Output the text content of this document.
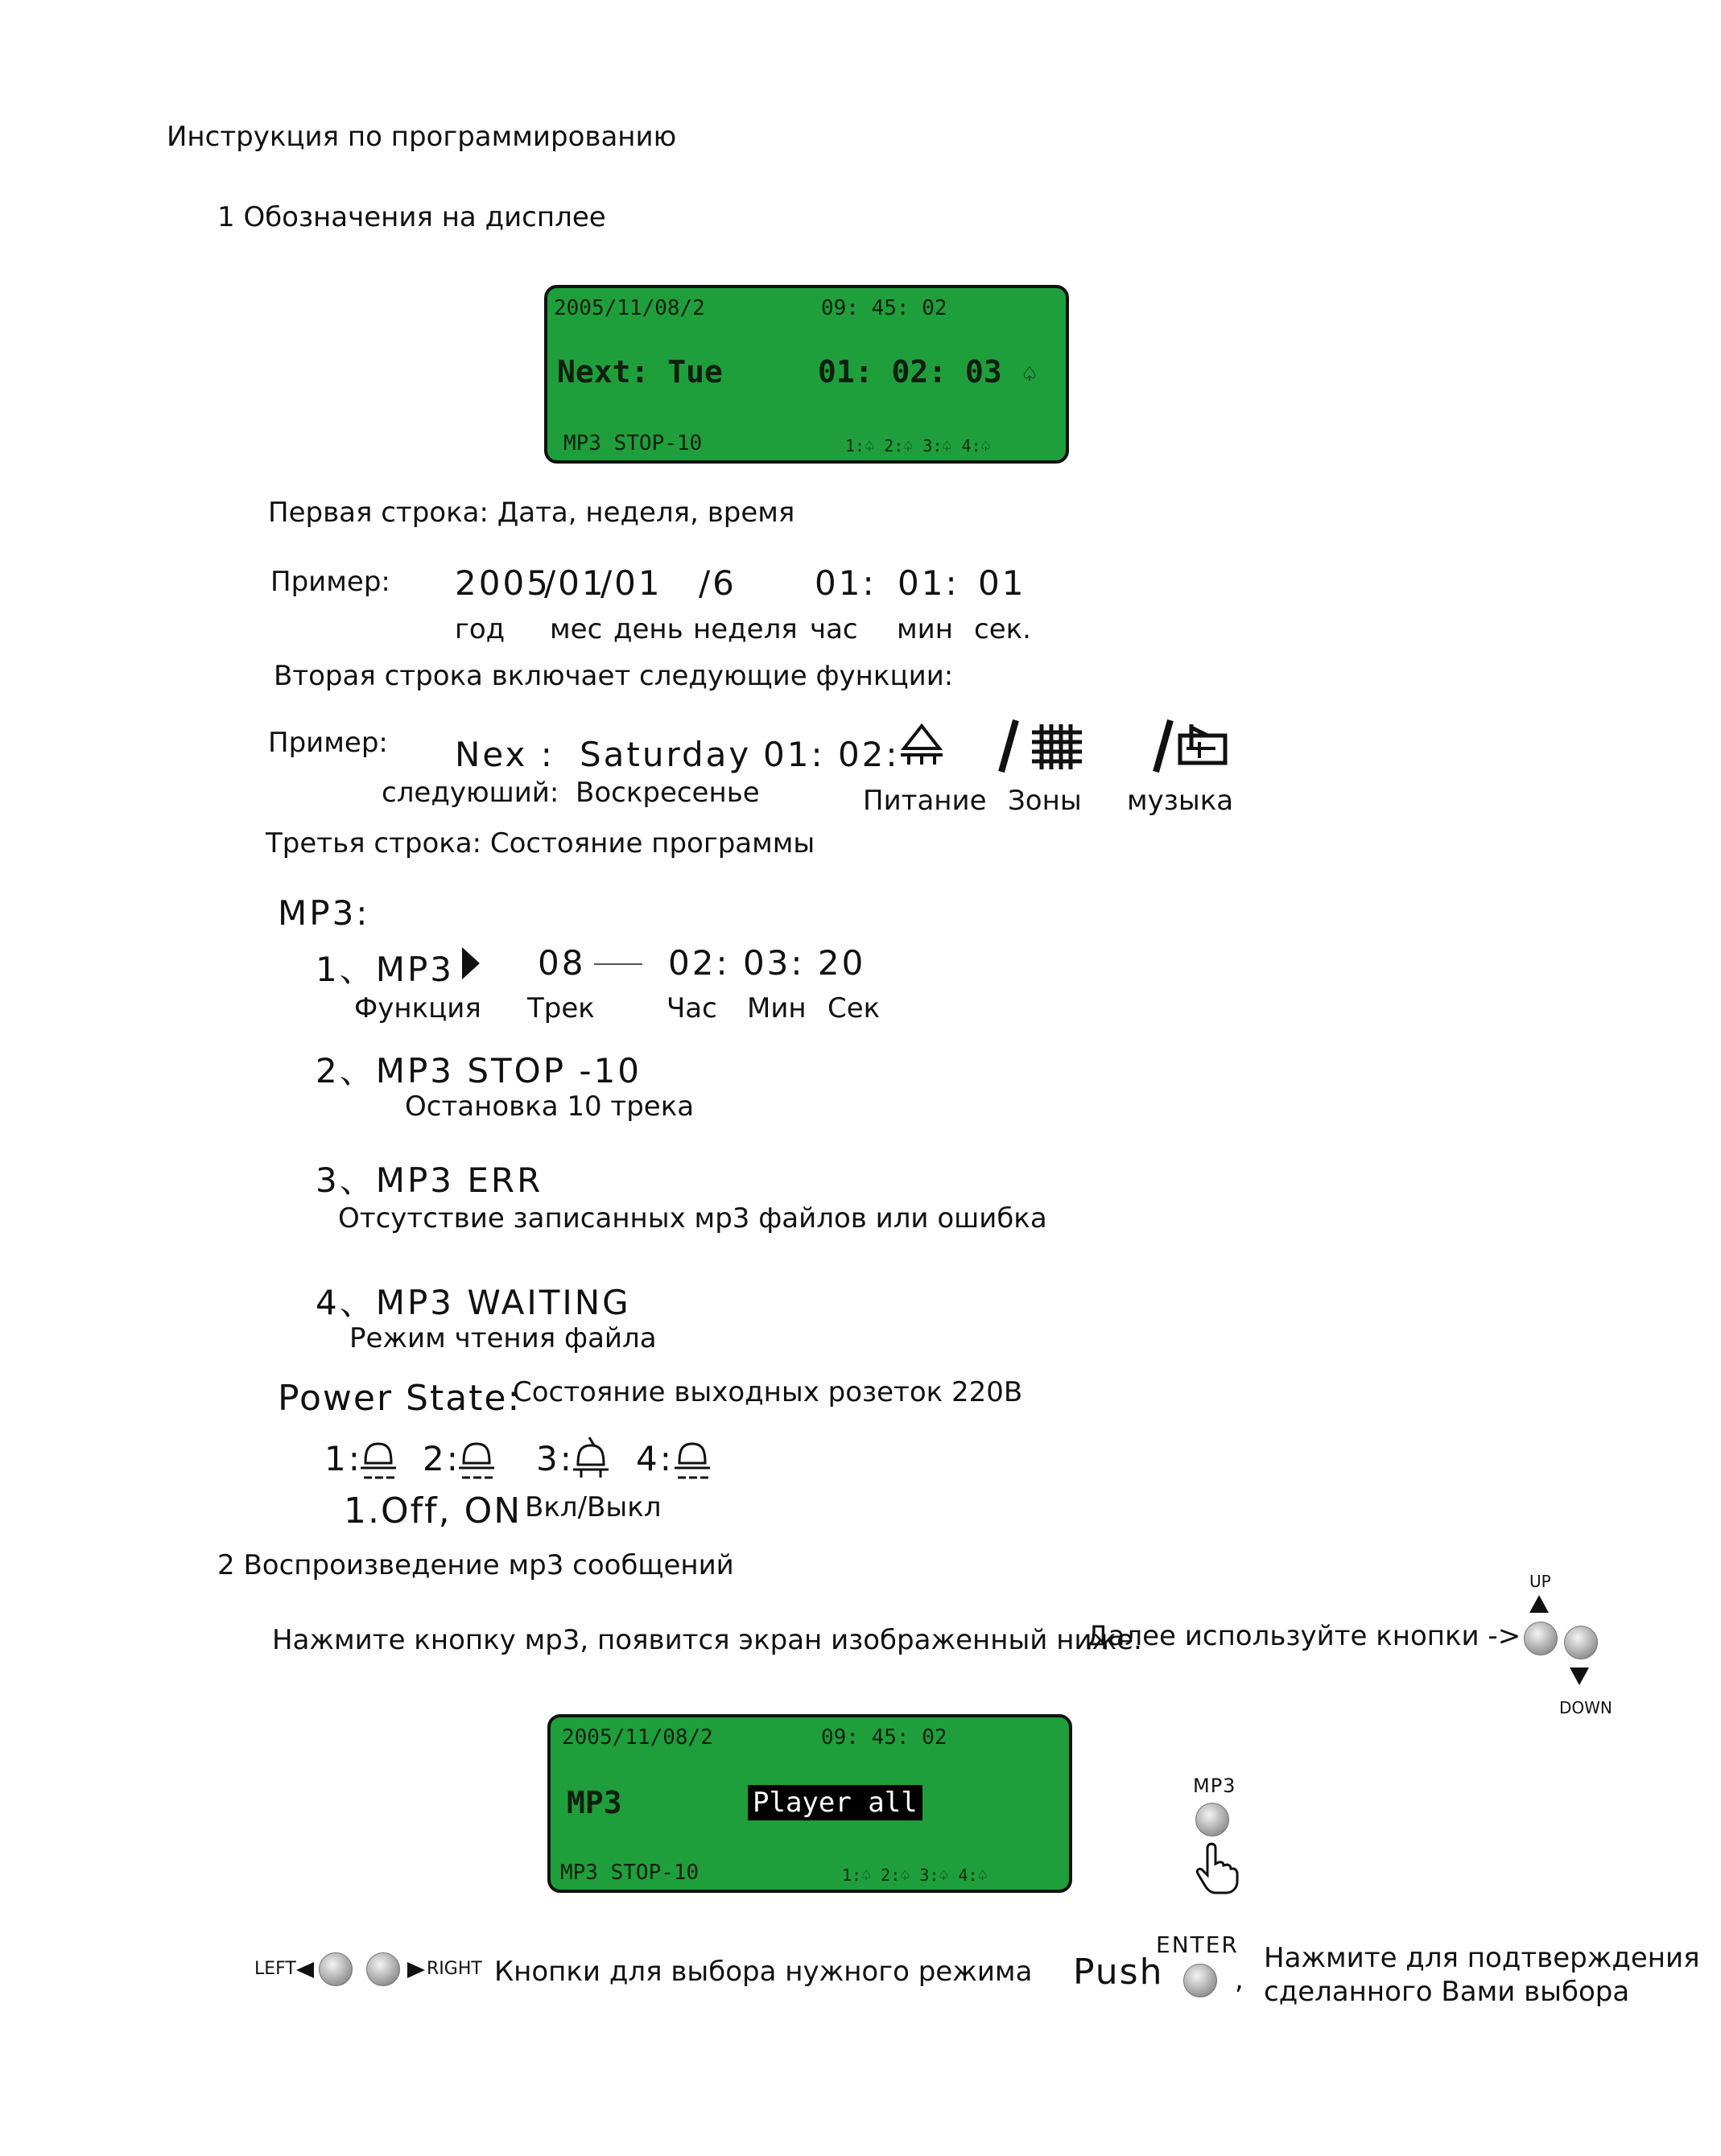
Инструкция по программированию
1 Обозначения на дисплее
2005/11/08/2	09: 45: 02
Next: Tue	01: 02: 03 ♤
MP3 STOP-10	1:♤ 2:♤ 3:♤ 4:♤
Первая строка: Дата, неделя, время
Пример: 2005
/01
/01 /6 01: 01: 01
год мес день неделя час мин сек.
Вторая строка включает следующие функции:
Пример: Nex : Saturday 01: 02:
следуюший: Воскресенье	Питание Зоны музыка
Третья строка: Состояние программы
MP3:
1、MP3 08 02: 03: 20
Функция Трек	Час Мин Сек
2、MP3 STOP -10
Остановка 10 трека
3、MP3 ERR
Отсутствие записанных мр3 файлов или ошибка
4、MP3 WAITING
Режим чтения файла
Power State:
Состояние выходных розеток 220В
1: 2: 3: 4:
1.Off, ON Вкл/Выкл
2 Воспроизведение мр3 сообщений
Нажмите кнопку мр3, появится экран изображенный ниже.
Далее используйте кнопки ->
UP
DOWN
2005/11/08/2	09: 45: 02
MP3	Player all
MP3 STOP-10	1:♤ 2:♤ 3:♤ 4:♤
MP3
LEFT	RIGHT Кнопки для выбора нужного режима Push
ENTER
,
Нажмите для подтверждения
сделанного Вами выбора
